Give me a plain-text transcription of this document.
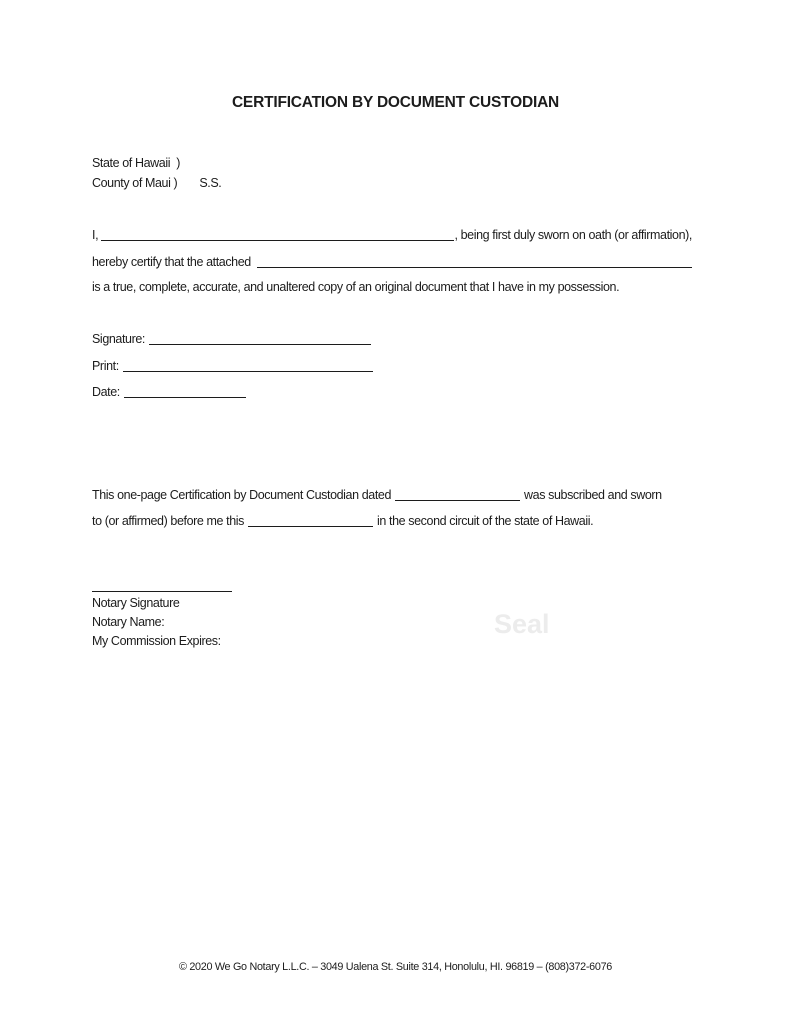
CERTIFICATION BY DOCUMENT CUSTODIAN
State of Hawaii  )
County of Maui ) S.S.
I,	, being first duly sworn on oath (or affirmation),
hereby certify that the attached
is a true, complete, accurate, and unaltered copy of an original document that I have in my possession.
Signature:
Print:
Date:
This one-page Certification by Document Custodian dated	was subscribed and sworn
to (or affirmed) before me this	in the second circuit of the state of Hawaii.
Notary Signature
Notary Name:
My Commission Expires:
Seal
© 2020 We Go Notary L.L.C. – 3049 Ualena St. Suite 314, Honolulu, HI. 96819 – (808)372-6076
